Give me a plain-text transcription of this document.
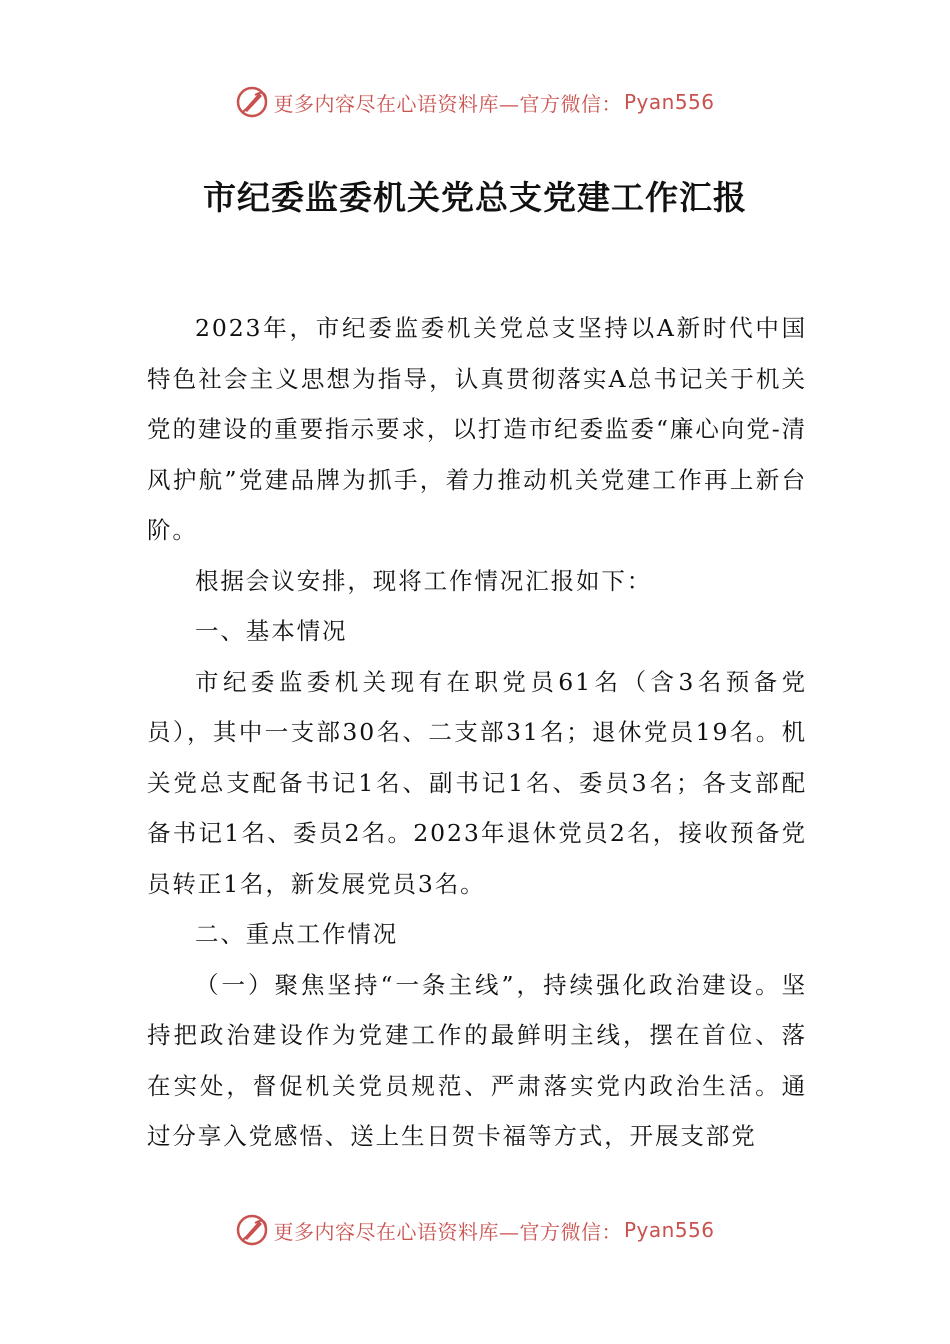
更多内容尽在心语资料库—官方微信： Pyan556
市纪委监委机关党总支党建工作汇报

2023年，市纪委监委机关党总支坚持以A新时代中国特色社会主义思想为指导，认真贯彻落实A总书记关于机关党的建设的重要指示要求，以打造市纪委监委“廉心向党-清风护航”党建品牌为抓手，着力推动机关党建工作再上新台阶。

根据会议安排，现将工作情况汇报如下：

一、基本情况

市纪委监委机关现有在职党员61名（含3名预备党员），其中一支部30名、二支部31名；退休党员19名。机关党总支配备书记1名、副书记1名、委员3名；各支部配备书记1名、委员2名。2023年退休党员2名，接收预备党员转正1名，新发展党员3名。

二、重点工作情况

（一）聚焦坚持“一条主线”，持续强化政治建设。坚持把政治建设作为党建工作的最鲜明主线，摆在首位、落在实处，督促机关党员规范、严肃落实党内政治生活。通过分享入党感悟、送上生日贺卡福等方式，开展支部党

更多内容尽在心语资料库—官方微信： Pyan556
